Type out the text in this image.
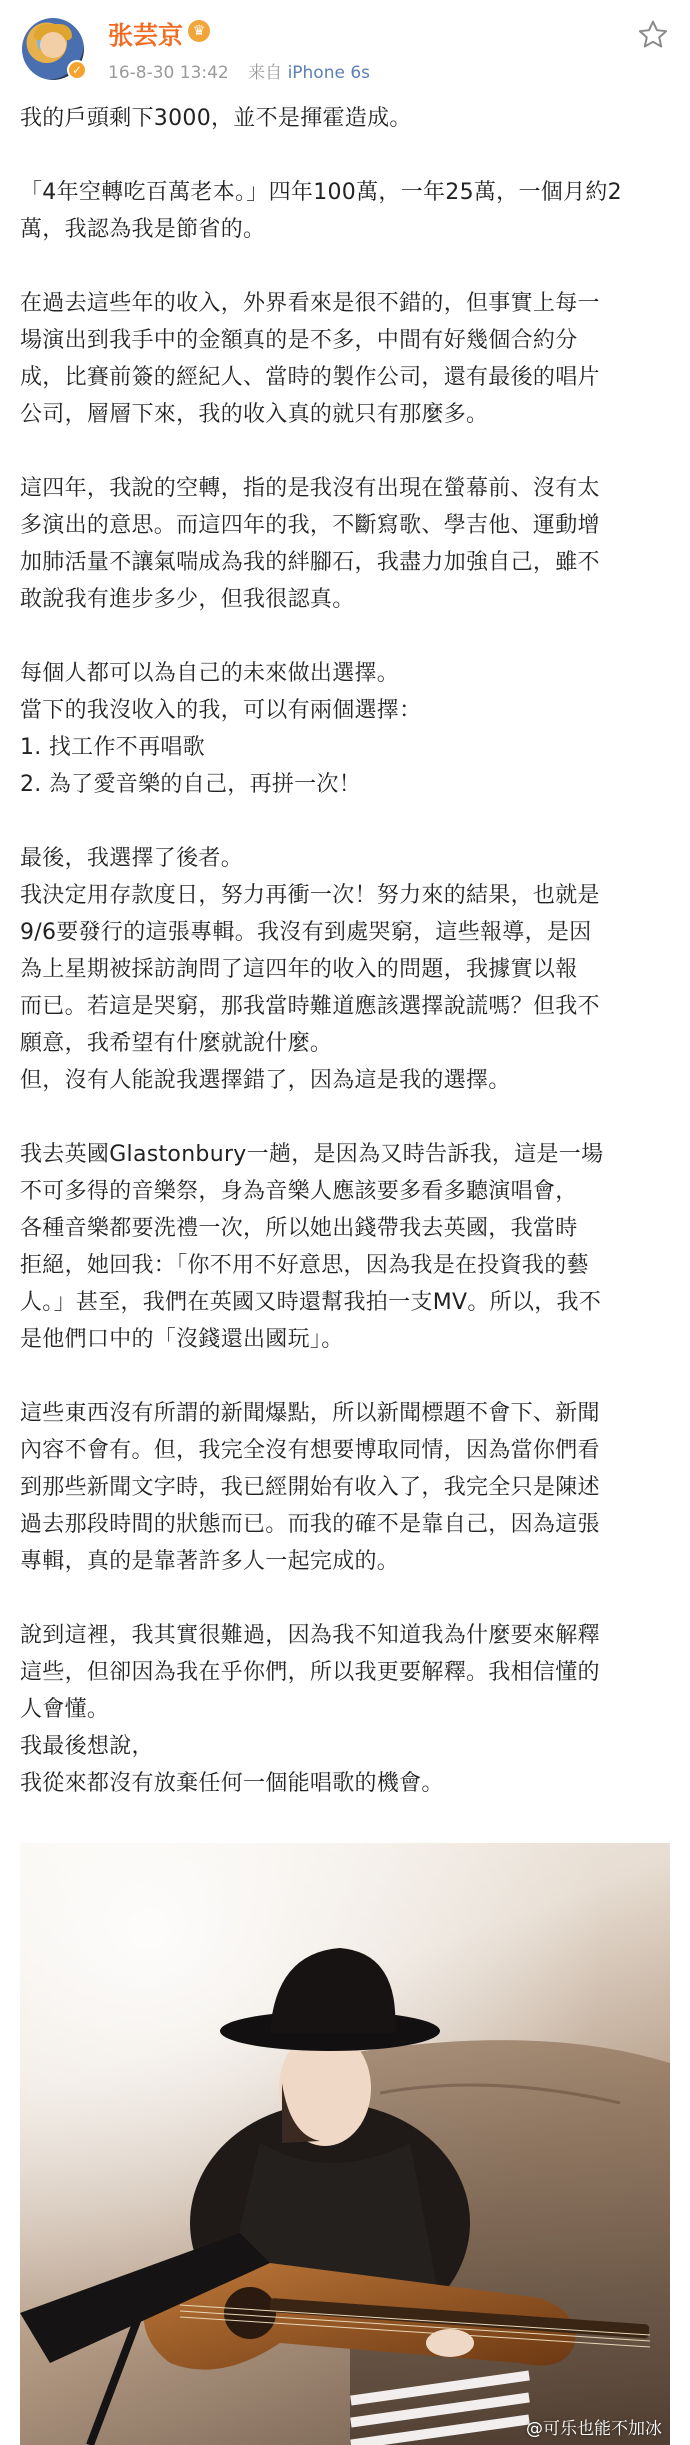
✓
张芸京 ♛
16-8-30 13:42 来自 iPhone 6s

我的戶頭剩下3000，並不是揮霍造成。

「4年空轉吃百萬老本。」四年100萬，一年25萬，一個月約2

萬，我認為我是節省的。

在過去這些年的收入，外界看來是很不錯的，但事實上每一

場演出到我手中的金額真的是不多，中間有好幾個合約分

成，比賽前簽的經紀人、當時的製作公司，還有最後的唱片

公司，層層下來，我的收入真的就只有那麼多。

這四年，我說的空轉，指的是我沒有出現在螢幕前、沒有太

多演出的意思。而這四年的我，不斷寫歌、學吉他、運動增

加肺活量不讓氣喘成為我的絆腳石，我盡力加強自己，雖不

敢說我有進步多少，但我很認真。

每個人都可以為自己的未來做出選擇。

當下的我沒收入的我，可以有兩個選擇：

1. 找工作不再唱歌

2. 為了愛音樂的自己，再拼一次！

最後，我選擇了後者。

我決定用存款度日，努力再衝一次！努力來的結果，也就是

9/6要發行的這張專輯。我沒有到處哭窮，這些報導，是因

為上星期被採訪詢問了這四年的收入的問題，我據實以報

而已。若這是哭窮，那我當時難道應該選擇說謊嗎？但我不

願意，我希望有什麼就說什麼。

但，沒有人能說我選擇錯了，因為這是我的選擇。

我去英國Glastonbury一趟，是因為又時告訴我，這是一場

不可多得的音樂祭，身為音樂人應該要多看多聽演唱會，

各種音樂都要洗禮一次，所以她出錢帶我去英國，我當時

拒絕，她回我：「你不用不好意思，因為我是在投資我的藝

人。」甚至，我們在英國又時還幫我拍一支MV。所以，我不

是他們口中的「沒錢還出國玩」。

這些東西沒有所謂的新聞爆點，所以新聞標題不會下、新聞

內容不會有。但，我完全沒有想要博取同情，因為當你們看

到那些新聞文字時，我已經開始有收入了，我完全只是陳述

過去那段時間的狀態而已。而我的確不是靠自己，因為這張

專輯，真的是靠著許多人一起完成的。

說到這裡，我其實很難過，因為我不知道我為什麼要來解釋

這些，但卻因為我在乎你們，所以我更要解釋。我相信懂的

人會懂。

我最後想說，

我從來都沒有放棄任何一個能唱歌的機會。

@可乐也能不加冰
